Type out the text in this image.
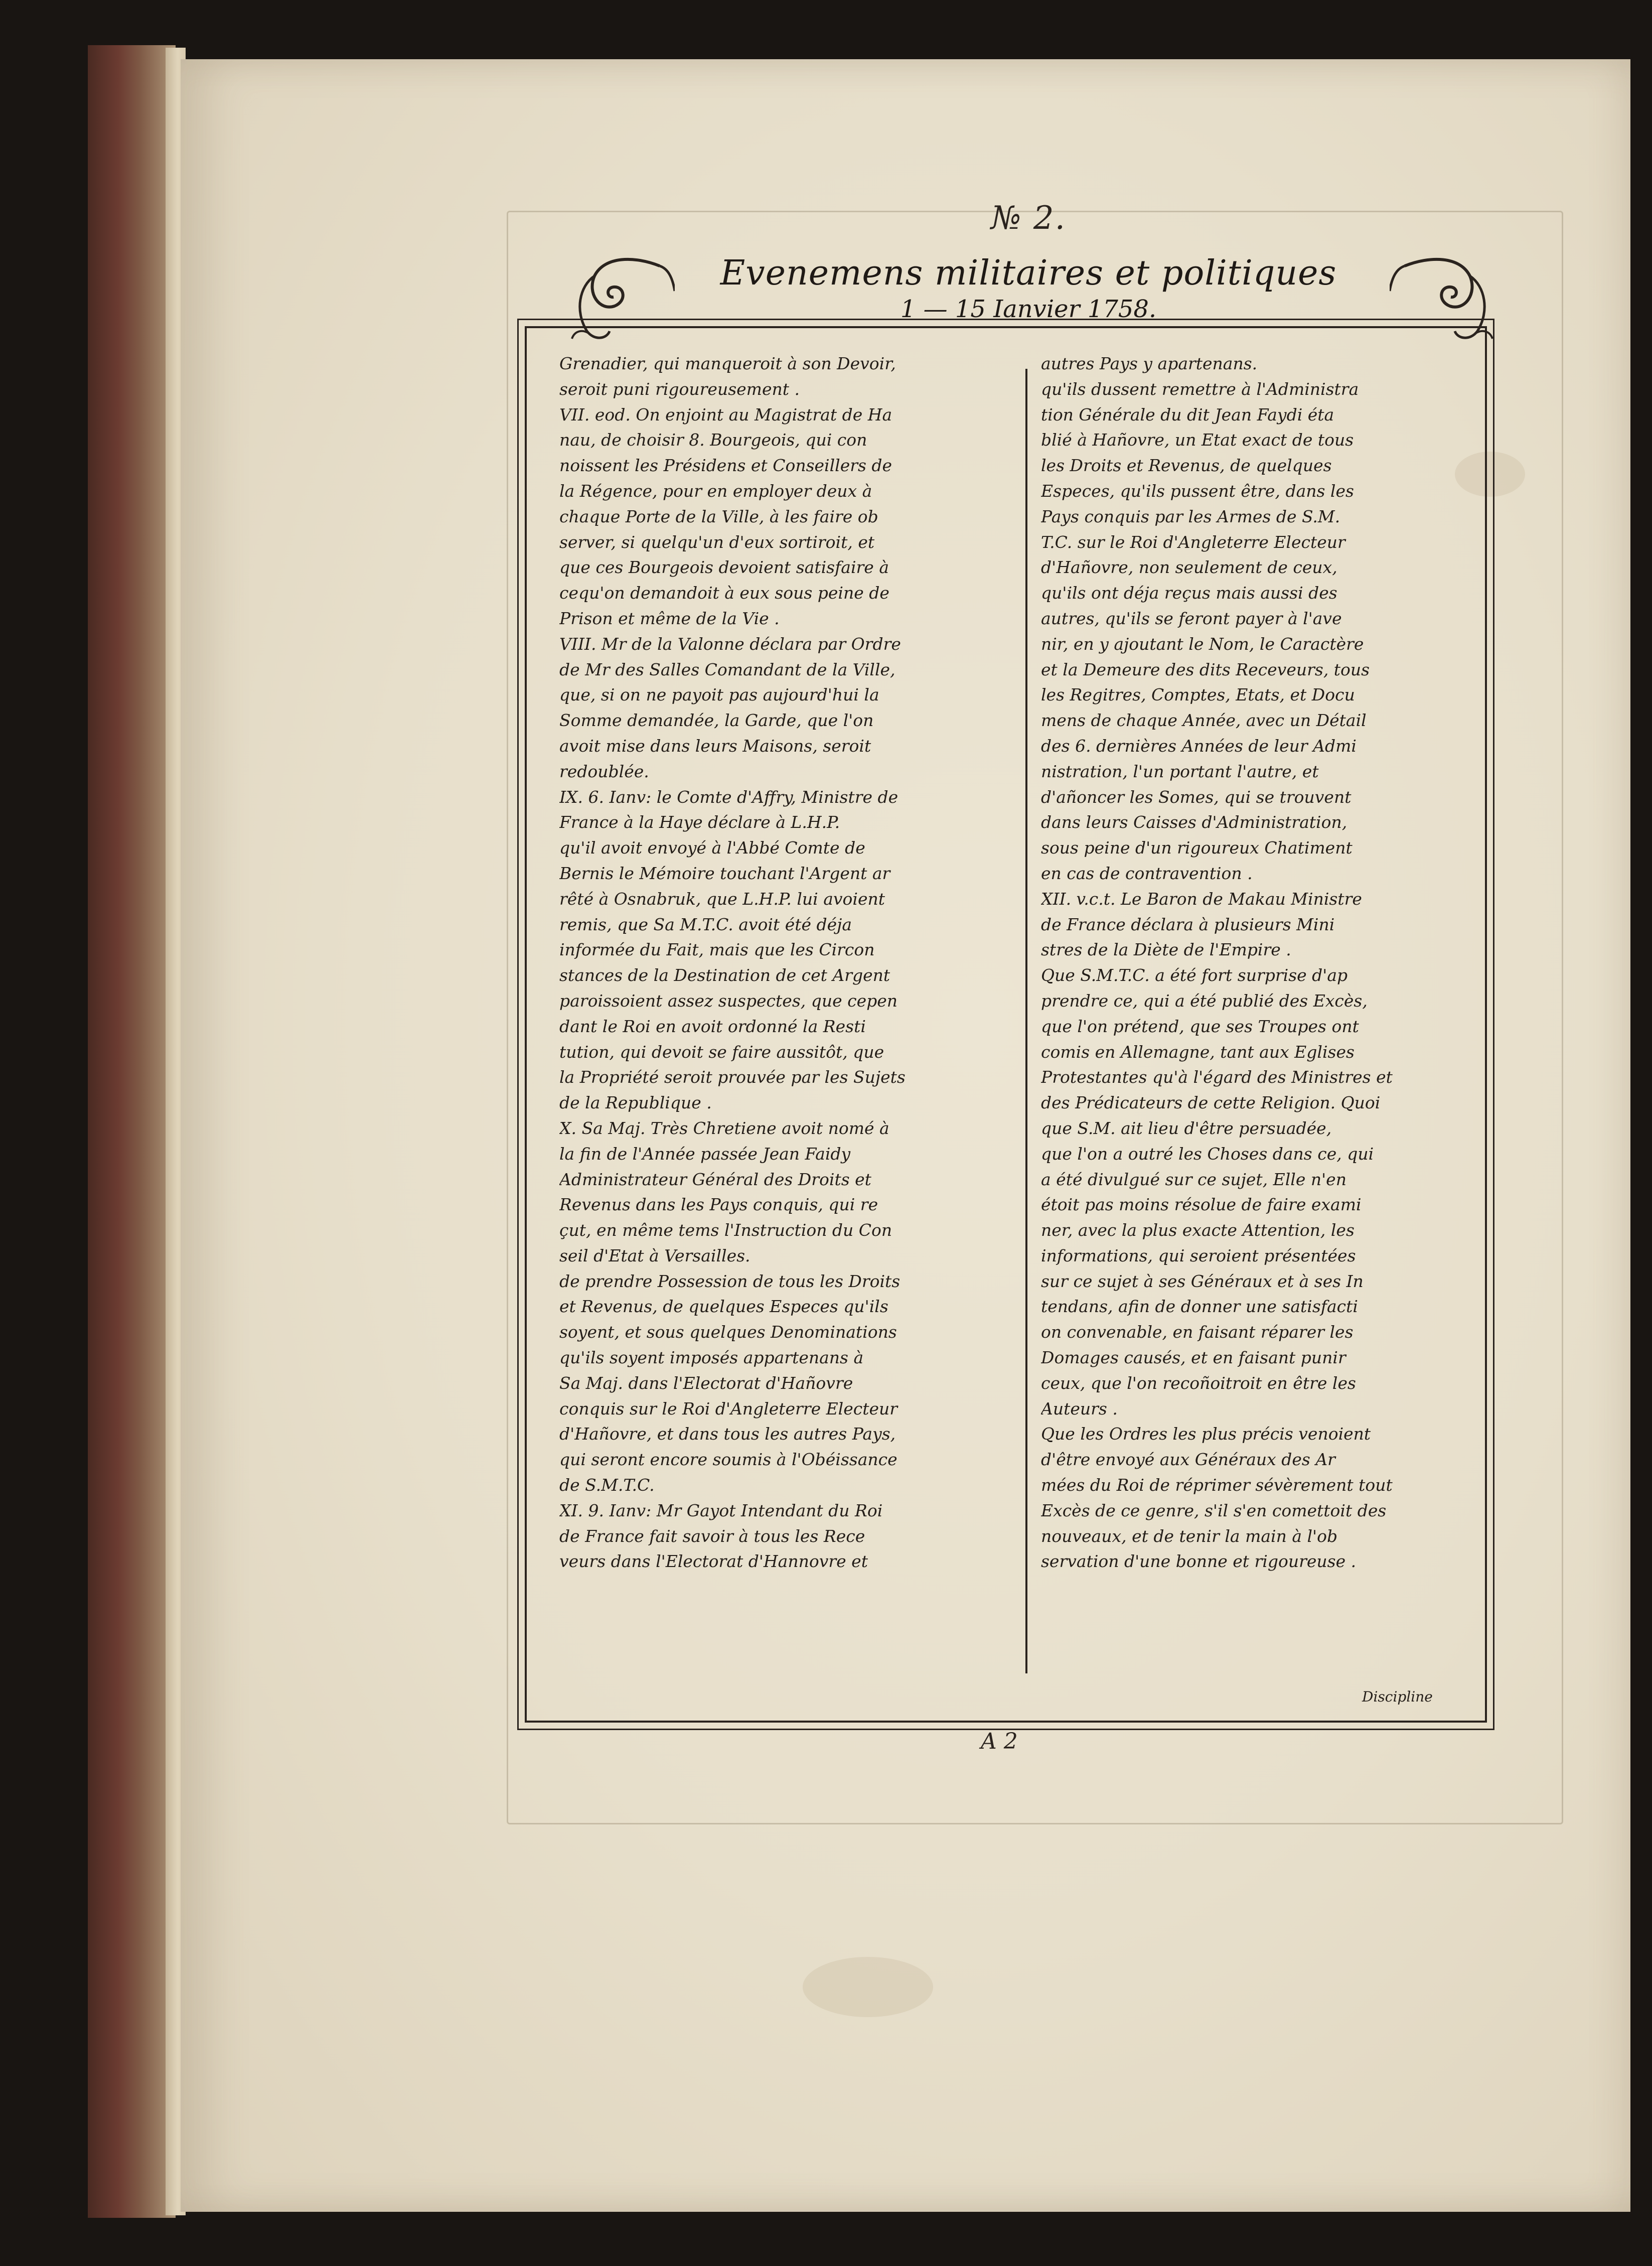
№ 2.
Evenemens militaires et politiques
1 — 15 Ianvier 1758.

Grenadier, qui manqueroit à son Devoir,

seroit puni rigoureusement .

VII. eod. On enjoint au Magistrat de Ha

nau, de choisir 8. Bourgeois, qui con

noissent les Présidens et Conseillers de

la Régence, pour en employer deux à

chaque Porte de la Ville, à les faire ob

server, si quelqu'un d'eux sortiroit, et

que ces Bourgeois devoient satisfaire à

cequ'on demandoit à eux sous peine de

Prison et même de la Vie .

VIII. Mr de la Valonne déclara par Ordre

de Mr des Salles Comandant de la Ville,

que, si on ne payoit pas aujourd'hui la

Somme demandée, la Garde, que l'on

avoit mise dans leurs Maisons, seroit

redoublée.

IX. 6. Ianv: le Comte d'Affry, Ministre de

France à la Haye déclare à L.H.P.

qu'il avoit envoyé à l'Abbé Comte de

Bernis le Mémoire touchant l'Argent ar

rêté à Osnabruk, que L.H.P. lui avoient

remis, que Sa M.T.C. avoit été déja

informée du Fait, mais que les Circon

stances de la Destination de cet Argent

paroissoient assez suspectes, que cepen

dant le Roi en avoit ordonné la Resti

tution, qui devoit se faire aussitôt, que

la Propriété seroit prouvée par les Sujets

de la Republique .

X. Sa Maj. Très Chretiene avoit nomé à

la fin de l'Année passée Jean Faidy

Administrateur Général des Droits et

Revenus dans les Pays conquis, qui re

çut, en même tems l'Instruction du Con

seil d'Etat à Versailles.

de prendre Possession de tous les Droits

et Revenus, de quelques Especes qu'ils

soyent, et sous quelques Denominations

qu'ils soyent imposés appartenans à

Sa Maj. dans l'Electorat d'Hañovre

conquis sur le Roi d'Angleterre Electeur

d'Hañovre, et dans tous les autres Pays,

qui seront encore soumis à l'Obéissance

de S.M.T.C.

XI. 9. Ianv: Mr Gayot Intendant du Roi

de France fait savoir à tous les Rece

veurs dans l'Electorat d'Hannovre et

autres Pays y apartenans.

qu'ils dussent remettre à l'Administra

tion Générale du dit Jean Faydi éta

blié à Hañovre, un Etat exact de tous

les Droits et Revenus, de quelques

Especes, qu'ils pussent être, dans les

Pays conquis par les Armes de S.M.

T.C. sur le Roi d'Angleterre Electeur

d'Hañovre, non seulement de ceux,

qu'ils ont déja reçus mais aussi des

autres, qu'ils se feront payer à l'ave

nir, en y ajoutant le Nom, le Caractère

et la Demeure des dits Receveurs, tous

les Regitres, Comptes, Etats, et Docu

mens de chaque Année, avec un Détail

des 6. dernières Années de leur Admi

nistration, l'un portant l'autre, et

d'añoncer les Somes, qui se trouvent

dans leurs Caisses d'Administration,

sous peine d'un rigoureux Chatiment

en cas de contravention .

XII. v.c.t. Le Baron de Makau Ministre

de France déclara à plusieurs Mini

stres de la Diète de l'Empire .

Que S.M.T.C. a été fort surprise d'ap

prendre ce, qui a été publié des Excès,

que l'on prétend, que ses Troupes ont

comis en Allemagne, tant aux Eglises

Protestantes qu'à l'égard des Ministres et

des Prédicateurs de cette Religion. Quoi

que S.M. ait lieu d'être persuadée,

que l'on a outré les Choses dans ce, qui

a été divulgué sur ce sujet, Elle n'en

étoit pas moins résolue de faire exami

ner, avec la plus exacte Attention, les

informations, qui seroient présentées

sur ce sujet à ses Généraux et à ses In

tendans, afin de donner une satisfacti

on convenable, en faisant réparer les

Domages causés, et en faisant punir

ceux, que l'on recoñoitroit en être les

Auteurs .

Que les Ordres les plus précis venoient

d'être envoyé aux Généraux des Ar

mées du Roi de réprimer sévèrement tout

Excès de ce genre, s'il s'en comettoit des

nouveaux, et de tenir la main à l'ob

servation d'une bonne et rigoureuse .

Discipline
A 2
